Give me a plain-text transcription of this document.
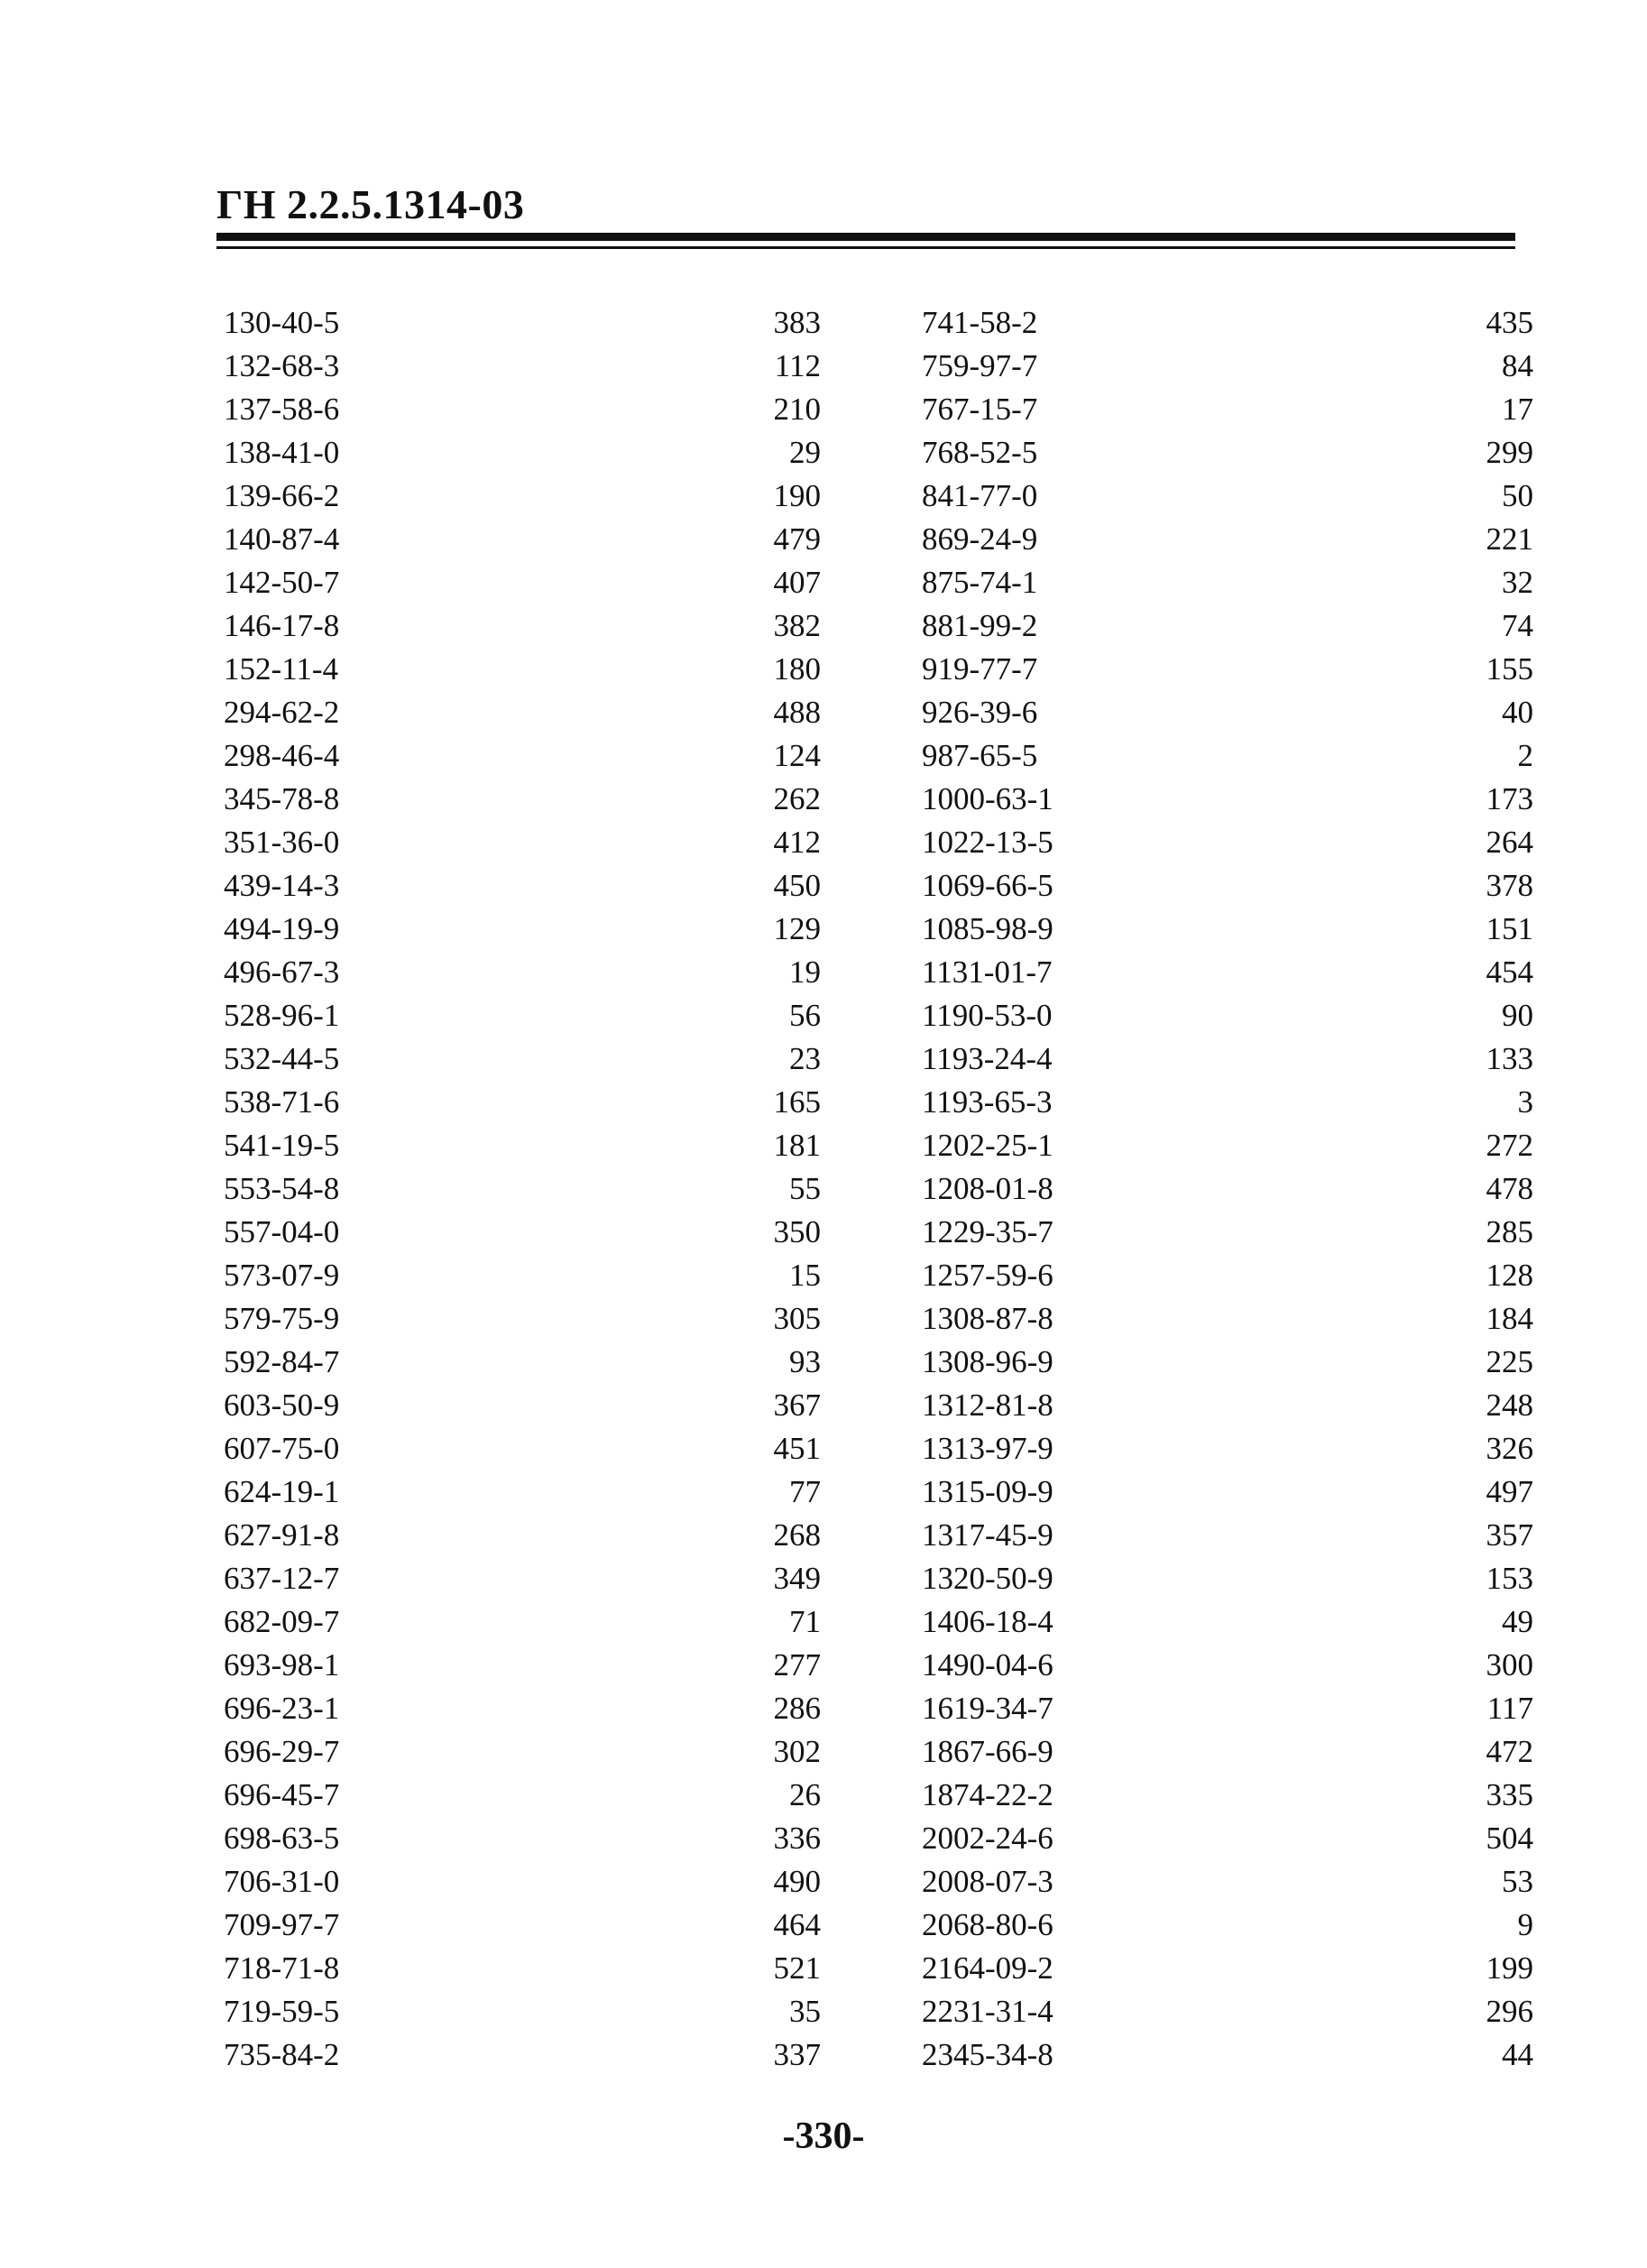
ГН 2.2.5.1314-03
130-40-5	383
132-68-3	112
137-58-6	210
138-41-0	29
139-66-2	190
140-87-4	479
142-50-7	407
146-17-8	382
152-11-4	180
294-62-2	488
298-46-4	124
345-78-8	262
351-36-0	412
439-14-3	450
494-19-9	129
496-67-3	19
528-96-1	56
532-44-5	23
538-71-6	165
541-19-5	181
553-54-8	55
557-04-0	350
573-07-9	15
579-75-9	305
592-84-7	93
603-50-9	367
607-75-0	451
624-19-1	77
627-91-8	268
637-12-7	349
682-09-7	71
693-98-1	277
696-23-1	286
696-29-7	302
696-45-7	26
698-63-5	336
706-31-0	490
709-97-7	464
718-71-8	521
719-59-5	35
735-84-2	337
741-58-2	435
759-97-7	84
767-15-7	17
768-52-5	299
841-77-0	50
869-24-9	221
875-74-1	32
881-99-2	74
919-77-7	155
926-39-6	40
987-65-5	2
1000-63-1	173
1022-13-5	264
1069-66-5	378
1085-98-9	151
1131-01-7	454
1190-53-0	90
1193-24-4	133
1193-65-3	3
1202-25-1	272
1208-01-8	478
1229-35-7	285
1257-59-6	128
1308-87-8	184
1308-96-9	225
1312-81-8	248
1313-97-9	326
1315-09-9	497
1317-45-9	357
1320-50-9	153
1406-18-4	49
1490-04-6	300
1619-34-7	117
1867-66-9	472
1874-22-2	335
2002-24-6	504
2008-07-3	53
2068-80-6	9
2164-09-2	199
2231-31-4	296
2345-34-8	44
-330-
